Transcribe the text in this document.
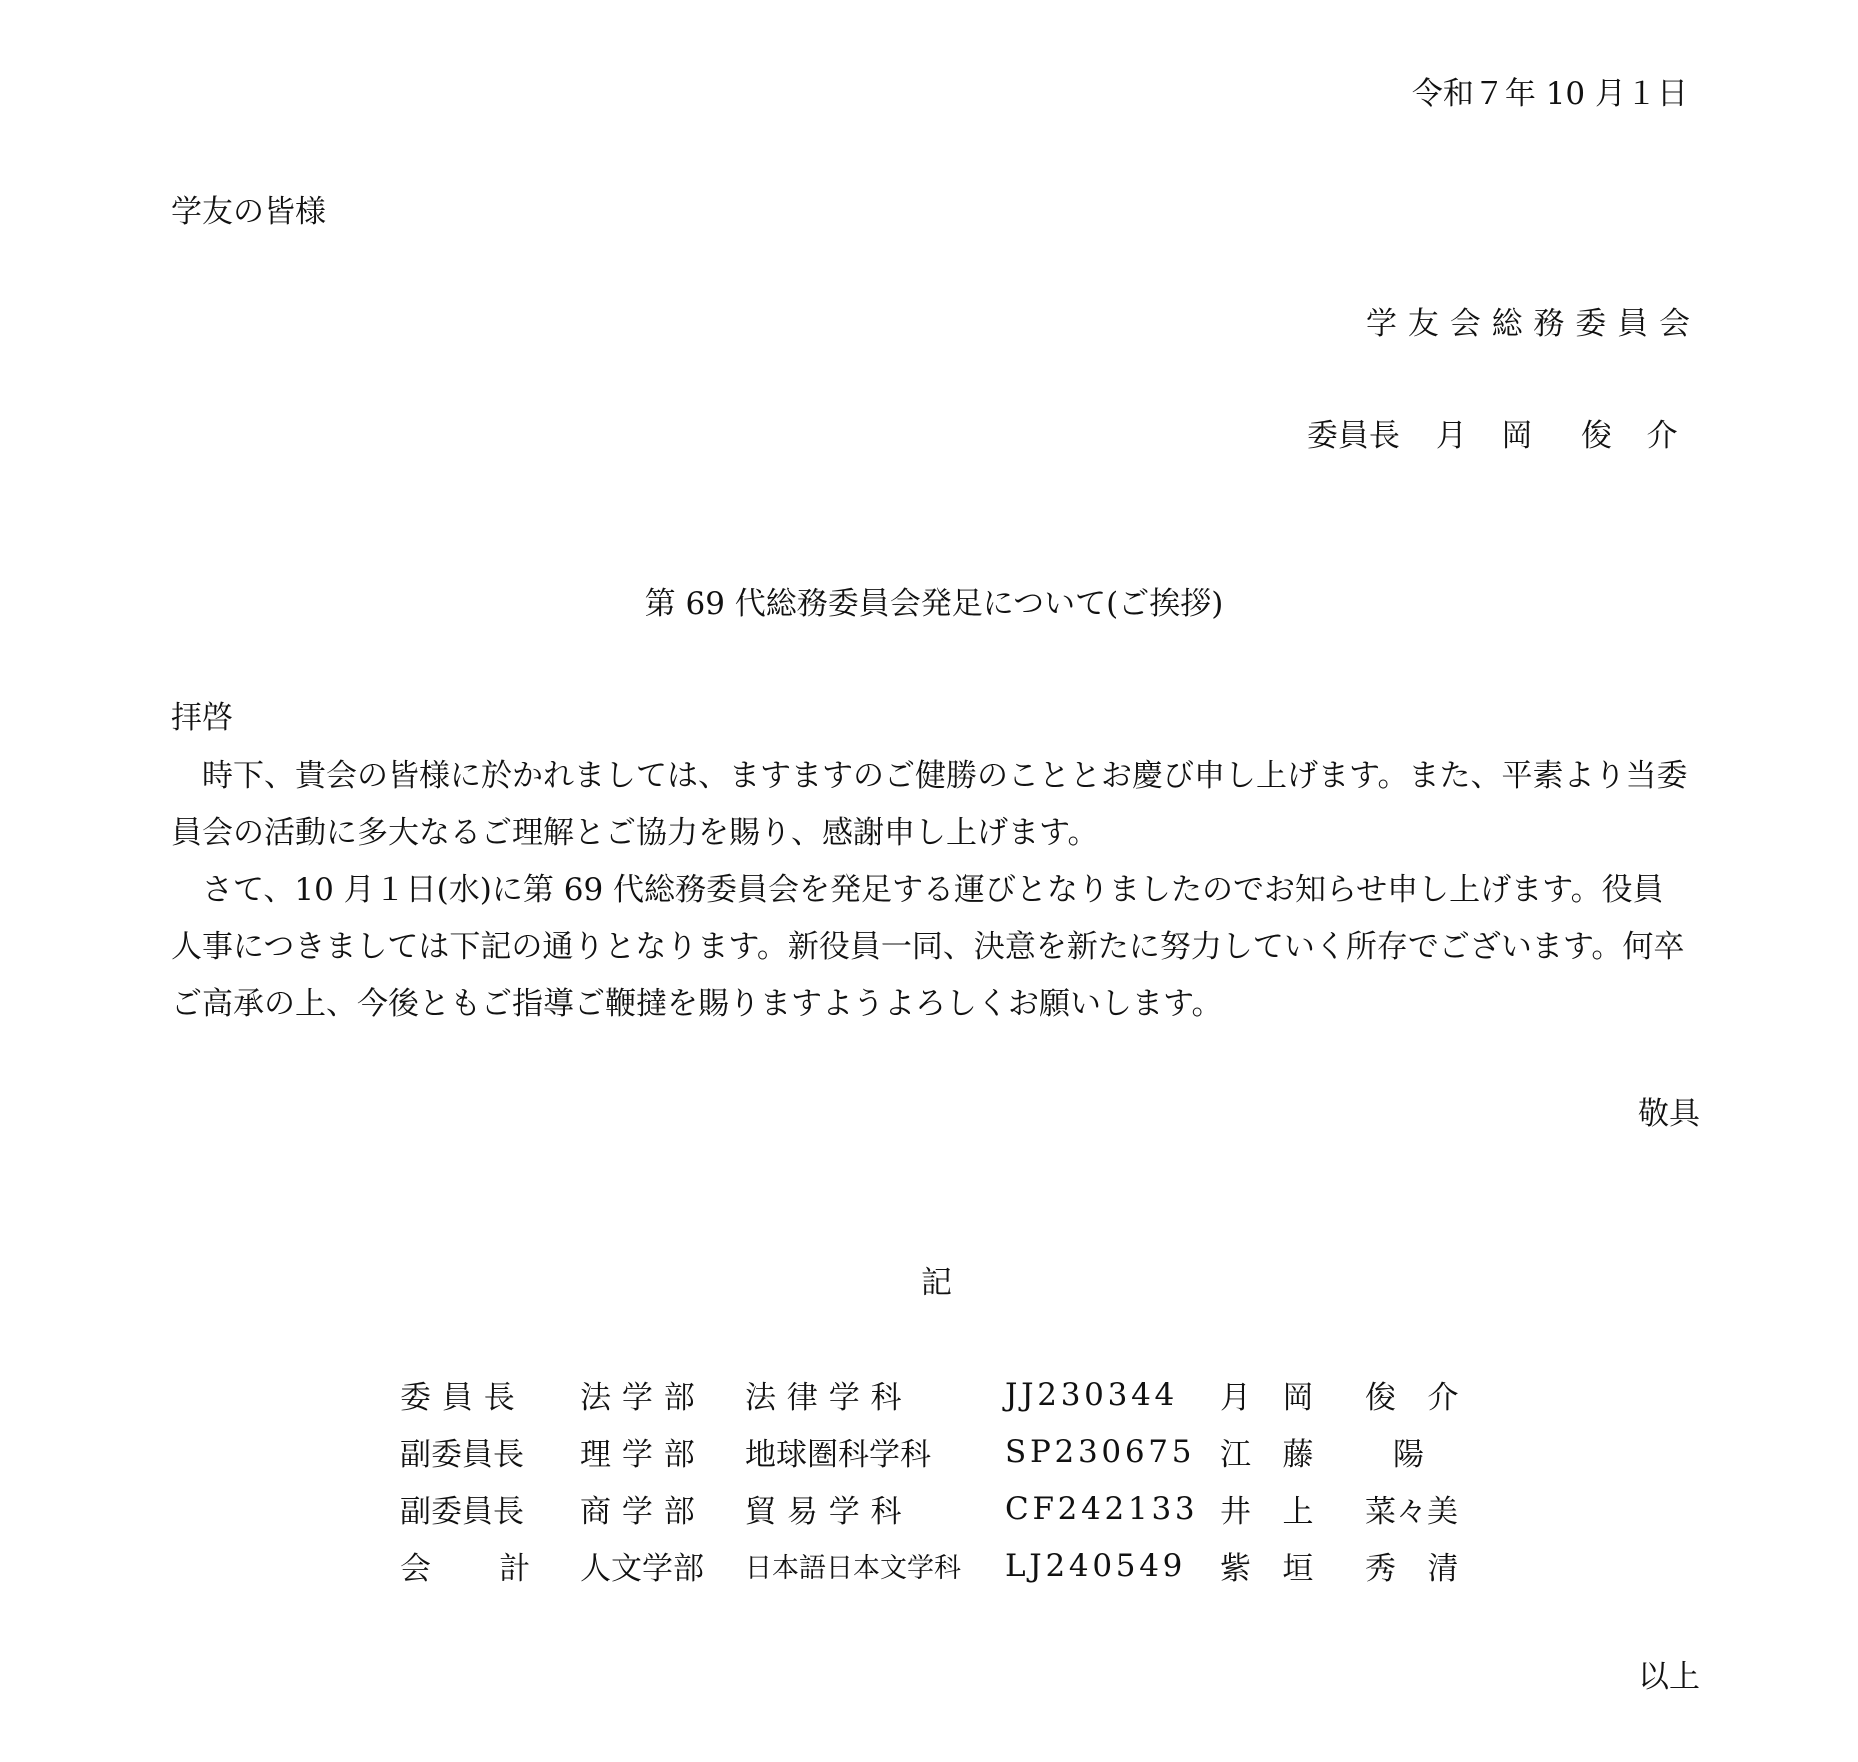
令和７年 10 月１日
学友の皆様
学友会総務委員会
委員長 月 岡 俊 介
第 69 代総務委員会発足について(ご挨拶)
拝啓

時下、貴会の皆様に於かれましては、ますますのご健勝のこととお慶び申し上げます。また、平素より当委員会の活動に多大なるご理解とご協力を賜り、感謝申し上げます。

さて、10 月１日(水)に第 69 代総務委員会を発足する運びとなりましたのでお知らせ申し上げます。役員人事につきましては下記の通りとなります。新役員一同、決意を新たに努力していく所存でございます。何卒ご高承の上、今後ともご指導ご鞭撻を賜りますようよろしくお願いします。

敬具
記
委員長	法学部	法律学科	JJ230344	月 岡	俊 介
副委員長	理学部	地球圏科学科	SP230675	江 藤	陽
副委員長	商学部	貿易学科	CF242133	井 上	菜々美
会　計	人文学部	日本語日本文学科	LJ240549	紫 垣	秀 清
以上
